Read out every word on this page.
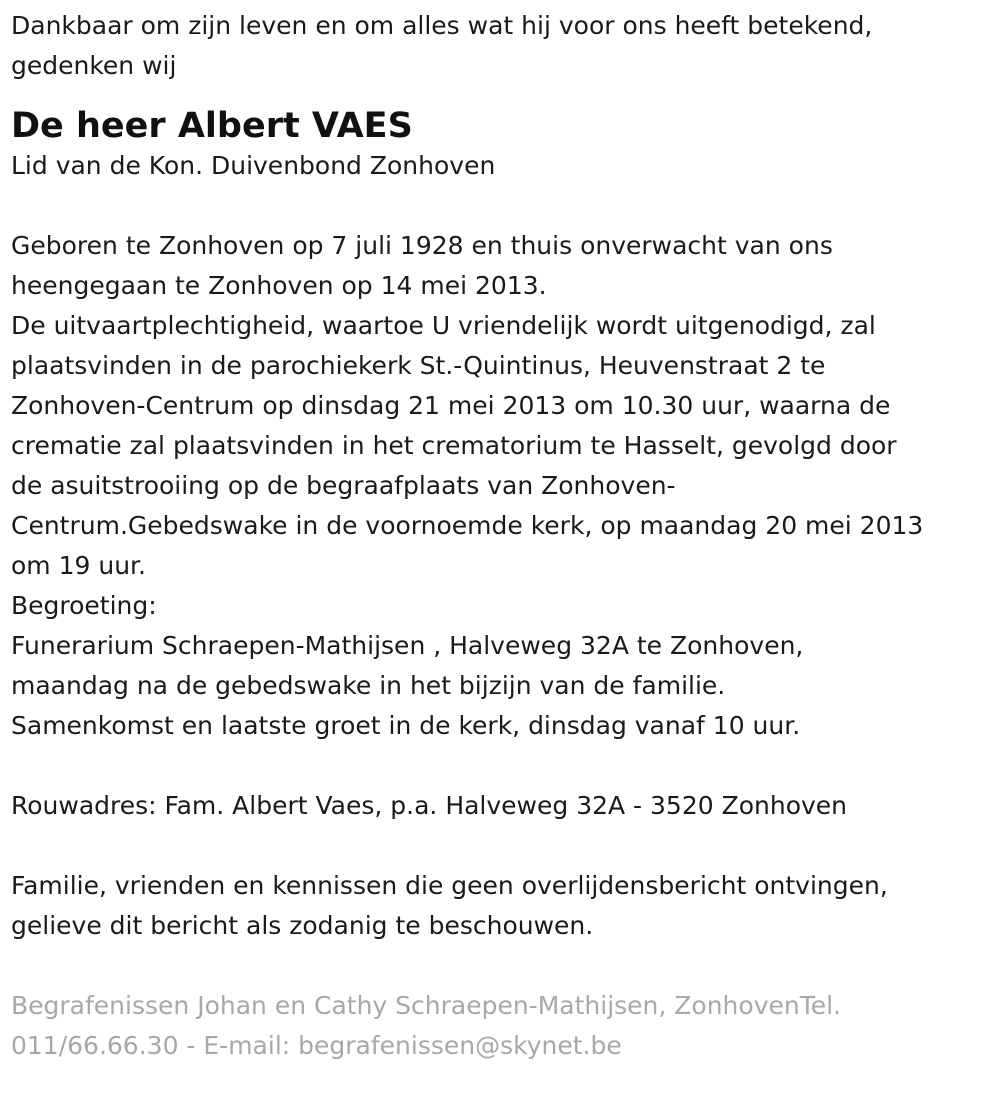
Dankbaar om zijn leven en om alles wat hij voor ons heeft betekend,
gedenken wij

De heer Albert VAES

Lid van de Kon. Duivenbond Zonhoven

Geboren te Zonhoven op 7 juli 1928 en thuis onverwacht van ons
heengegaan te Zonhoven op 14 mei 2013.

De uitvaartplechtigheid, waartoe U vriendelijk wordt uitgenodigd, zal
plaatsvinden in de parochiekerk St.-Quintinus, Heuvenstraat 2 te
Zonhoven-Centrum op dinsdag 21 mei 2013 om 10.30 uur, waarna de
crematie zal plaatsvinden in het crematorium te Hasselt, gevolgd door
de asuitstrooiing op de begraafplaats van Zonhoven-
Centrum.Gebedswake in de voornoemde kerk, op maandag 20 mei 2013
om 19 uur.

Begroeting:

Funerarium Schraepen-Mathijsen , Halveweg 32A te Zonhoven,
maandag na de gebedswake in het bijzijn van de familie.
Samenkomst en laatste groet in de kerk, dinsdag vanaf 10 uur.

Rouwadres: Fam. Albert Vaes, p.a. Halveweg 32A - 3520 Zonhoven

Familie, vrienden en kennissen die geen overlijdensbericht ontvingen,
gelieve dit bericht als zodanig te beschouwen.

Begrafenissen Johan en Cathy Schraepen-Mathijsen, ZonhovenTel.
011/66.66.30 - E-mail: begrafenissen@skynet.be
